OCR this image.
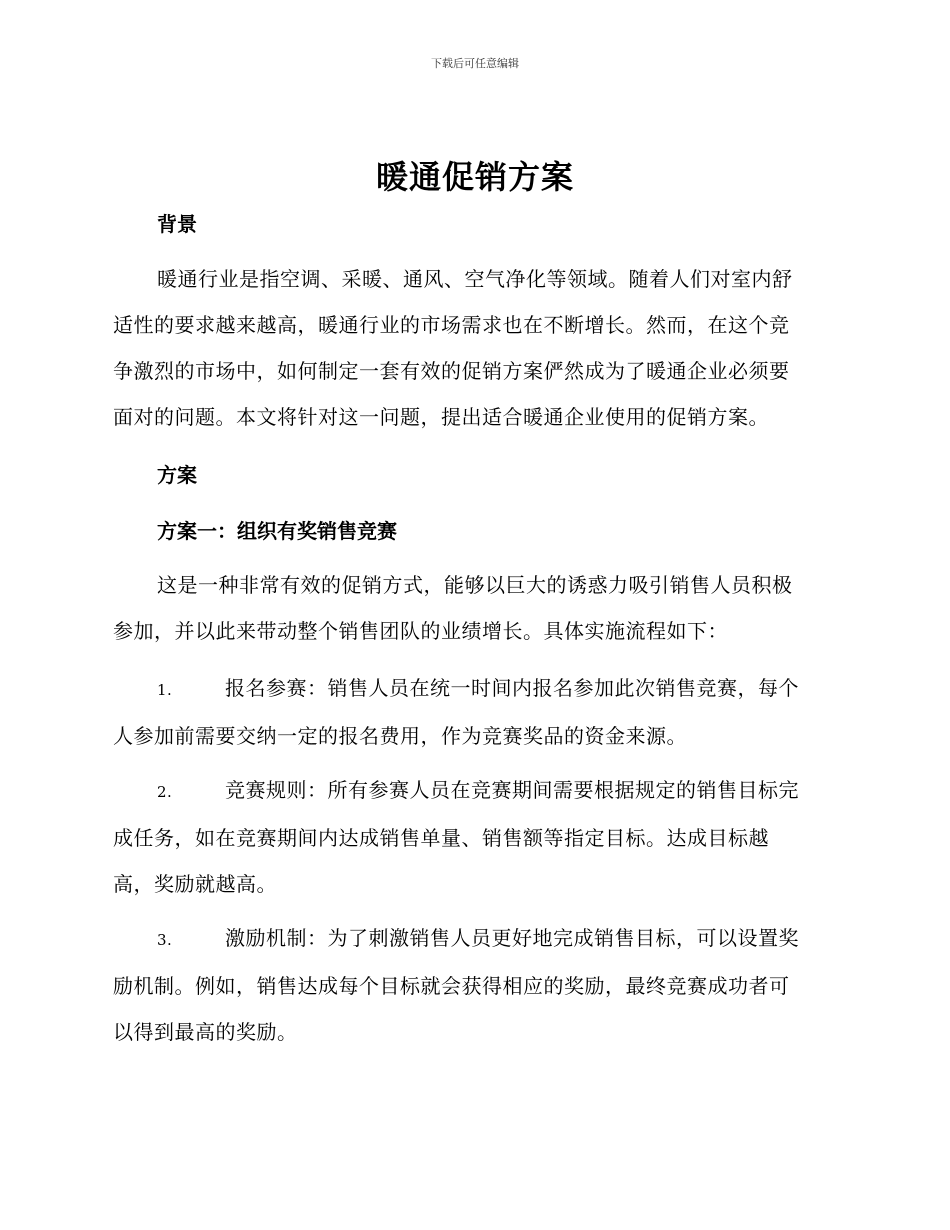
下载后可任意编辑
暖通促销方案
背景
暖通行业是指空调、采暖、通风、空气净化等领域。随着人们对室内舒
适性的要求越来越高，暖通行业的市场需求也在不断增长。然而，在这个竞
争激烈的市场中，如何制定一套有效的促销方案俨然成为了暖通企业必须要
面对的问题。本文将针对这一问题，提出适合暖通企业使用的促销方案。
方案
方案一：组织有奖销售竞赛
这是一种非常有效的促销方式，能够以巨大的诱惑力吸引销售人员积极
参加，并以此来带动整个销售团队的业绩增长。具体实施流程如下：
1.	报名参赛：销售人员在统一时间内报名参加此次销售竞赛，每个
人参加前需要交纳一定的报名费用，作为竞赛奖品的资金来源。
2.	竞赛规则：所有参赛人员在竞赛期间需要根据规定的销售目标完
成任务，如在竞赛期间内达成销售单量、销售额等指定目标。达成目标越
高，奖励就越高。
3.	激励机制：为了刺激销售人员更好地完成销售目标，可以设置奖
励机制。例如，销售达成每个目标就会获得相应的奖励，最终竞赛成功者可
以得到最高的奖励。
